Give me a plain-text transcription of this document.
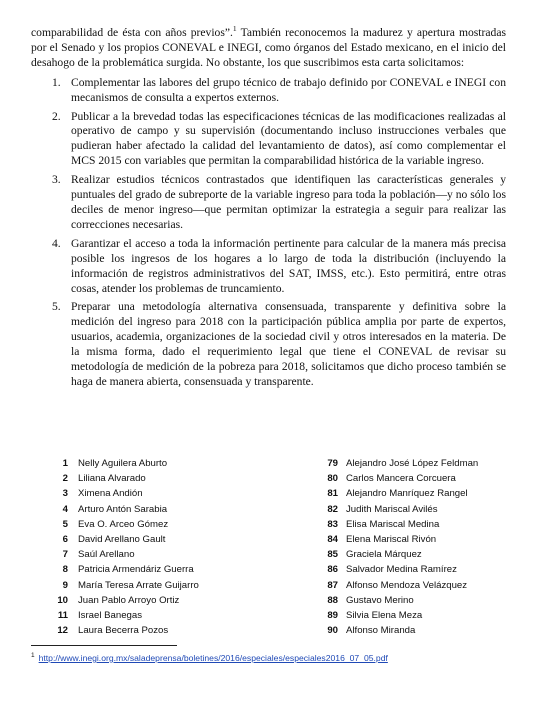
comparabilidad de ésta con años previos”.$^1$ También reconocemos la madurez y apertura mostradas por el Senado y los propios CONEVAL e INEGI, como órganos del Estado mexicano, en el inicio del desahogo de la problemática surgida. No obstante, los que suscribimos esta carta solicitamos:

1. Complementar las labores del grupo técnico de trabajo definido por CONEVAL e INEGI con mecanismos de consulta a expertos externos.
2. Publicar a la brevedad todas las especificaciones técnicas de las modificaciones realizadas al operativo de campo y su supervisión (documentando incluso instrucciones verbales que pudieran haber afectado la calidad del levantamiento de datos), así como complementar el MCS 2015 con variables que permitan la comparabilidad histórica de la variable ingreso.
3. Realizar estudios técnicos contrastados que identifiquen las características generales y puntuales del grado de subreporte de la variable ingreso para toda la población—y no sólo los deciles de menor ingreso—que permitan optimizar la estrategia a seguir para realizar las correcciones necesarias.
4. Garantizar el acceso a toda la información pertinente para calcular de la manera más precisa posible los ingresos de los hogares a lo largo de toda la distribución (incluyendo la información de registros administrativos del SAT, IMSS, etc.). Esto permitirá, entre otras cosas, atender los problemas de truncamiento.
5. Preparar una metodología alternativa consensuada, transparente y definitiva sobre la medición del ingreso para 2018 con la participación pública amplia por parte de expertos, usuarios, academia, organizaciones de la sociedad civil y otros interesados en la materia. De la misma forma, dado el requerimiento legal que tiene el CONEVAL de revisar su metodología de medición de la pobreza para 2018, solicitamos que dicho proceso también se haga de manera abierta, consensuada y transparente.
1 Nelly Aguilera Aburto
2 Liliana Alvarado
3 Ximena Andión
4 Arturo Antón Sarabia
5 Eva O. Arceo Gómez
6 David Arellano Gault
7 Saúl Arellano
8 Patricia Armendáriz Guerra
9 María Teresa Arrate Guijarro
10 Juan Pablo Arroyo Ortiz
11 Israel Banegas
12 Laura Becerra Pozos
79 Alejandro José López Feldman
80 Carlos Mancera Corcuera
81 Alejandro Manríquez Rangel
82 Judith Mariscal Avilés
83 Elisa Mariscal Medina
84 Elena Mariscal Rivón
85 Graciela Márquez
86 Salvador Medina Ramírez
87 Alfonso Mendoza Velázquez
88 Gustavo Merino
89 Silvia Elena Meza
90 Alfonso Miranda
$^1$ http://www.inegi.org.mx/saladeprensa/boletines/2016/especiales/especiales2016_07_05.pdf
